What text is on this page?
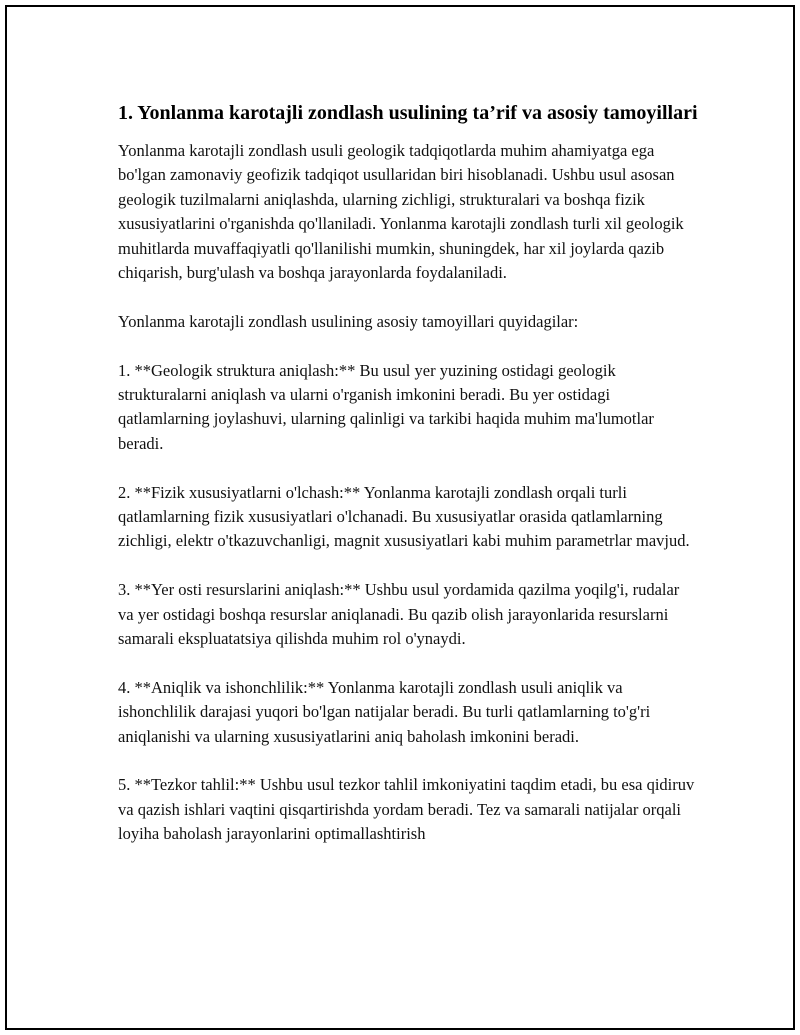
1. Yonlanma karotajli zondlash usulining ta’rif va asosiy tamoyillari

Yonlanma karotajli zondlash usuli geologik tadqiqotlarda muhim ahamiyatga ega bo'lgan zamonaviy geofizik tadqiqot usullaridan biri hisoblanadi. Ushbu usul asosan geologik tuzilmalarni aniqlashda, ularning zichligi, strukturalari va boshqa fizik xususiyatlarini o'rganishda qo'llaniladi. Yonlanma karotajli zondlash turli xil geologik muhitlarda muvaffaqiyatli qo'llanilishi mumkin, shuningdek, har xil joylarda qazib chiqarish, burg'ulash va boshqa jarayonlarda foydalaniladi.

Yonlanma karotajli zondlash usulining asosiy tamoyillari quyidagilar:

1. **Geologik struktura aniqlash:** Bu usul yer yuzining ostidagi geologik strukturalarni aniqlash va ularni o'rganish imkonini beradi. Bu yer ostidagi qatlamlarning joylashuvi, ularning qalinligi va tarkibi haqida muhim ma'lumotlar beradi.

2. **Fizik xususiyatlarni o'lchash:** Yonlanma karotajli zondlash orqali turli qatlamlarning fizik xususiyatlari o'lchanadi. Bu xususiyatlar orasida qatlamlarning zichligi, elektr o'tkazuvchanligi, magnit xususiyatlari kabi muhim parametrlar mavjud.

3. **Yer osti resurslarini aniqlash:** Ushbu usul yordamida qazilma yoqilg'i, rudalar va yer ostidagi boshqa resurslar aniqlanadi. Bu qazib olish jarayonlarida resurslarni samarali ekspluatatsiya qilishda muhim rol o'ynaydi.

4. **Aniqlik va ishonchlilik:** Yonlanma karotajli zondlash usuli aniqlik va ishonchlilik darajasi yuqori bo'lgan natijalar beradi. Bu turli qatlamlarning to'g'ri aniqlanishi va ularning xususiyatlarini aniq baholash imkonini beradi.

5. **Tezkor tahlil:** Ushbu usul tezkor tahlil imkoniyatini taqdim etadi, bu esa qidiruv va qazish ishlari vaqtini qisqartirishda yordam beradi. Tez va samarali natijalar orqali loyiha baholash jarayonlarini optimallashtirish
